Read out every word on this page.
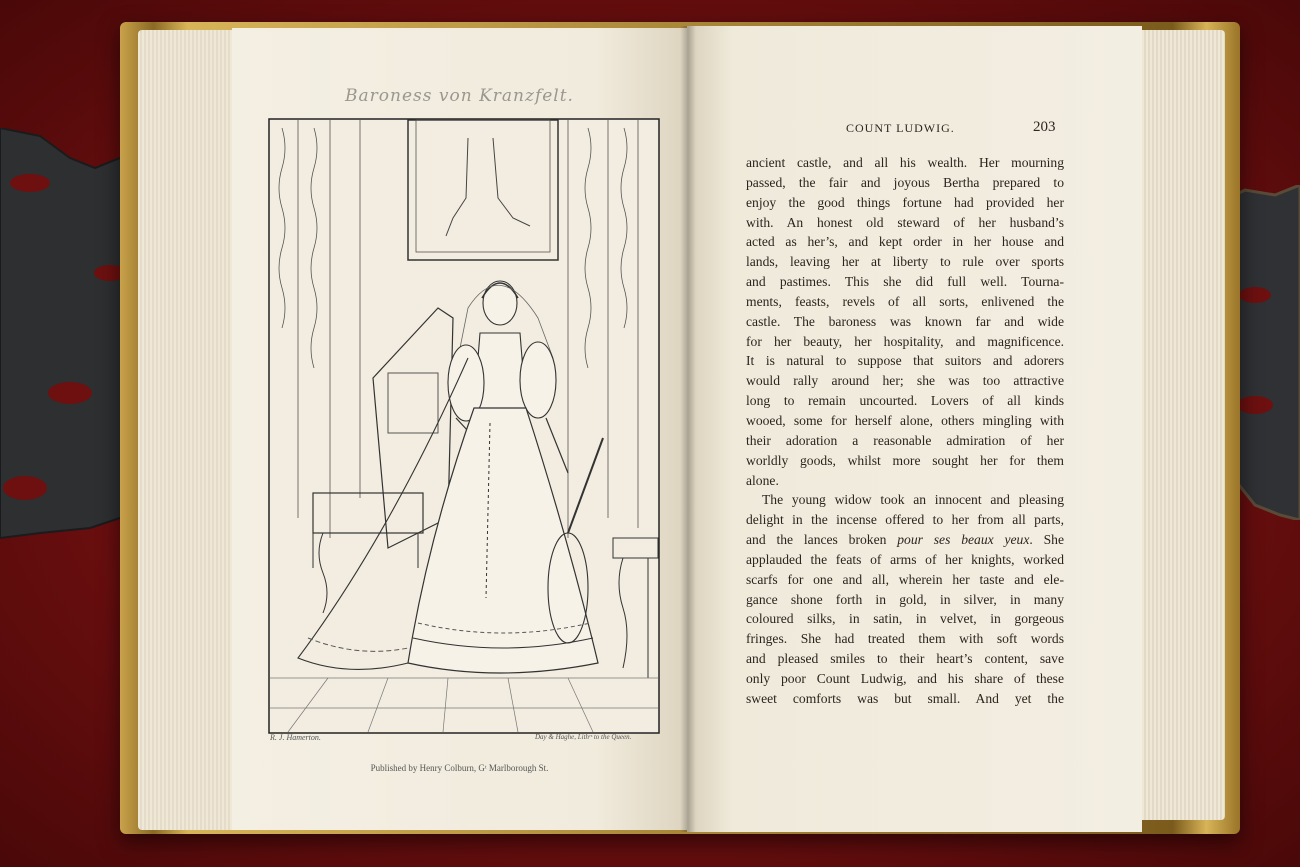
Baroness von Kranzfelt.
R. J. Hamerton.	Day & Haghe, Lithʳˢ to the Queen.
Published by Henry Colburn, Gᵗ Marlborough St.
COUNT LUDWIG.	203
ancient castle, and all his wealth. Her mourning
passed, the fair and joyous Bertha prepared to
enjoy the good things fortune had provided her
with. An honest old steward of her husband’s
acted as her’s, and kept order in her house and
lands, leaving her at liberty to rule over sports
and pastimes. This she did full well. Tourna-
ments, feasts, revels of all sorts, enlivened the
castle. The baroness was known far and wide
for her beauty, her hospitality, and magnificence.
It is natural to suppose that suitors and adorers
would rally around her; she was too attractive
long to remain uncourted. Lovers of all kinds
wooed, some for herself alone, others mingling with
their adoration a reasonable admiration of her
worldly goods, whilst more sought her for them
alone.
The young widow took an innocent and pleasing
delight in the incense offered to her from all parts,
and the lances broken pour ses beaux yeux. She
applauded the feats of arms of her knights, worked
scarfs for one and all, wherein her taste and ele-
gance shone forth in gold, in silver, in many
coloured silks, in satin, in velvet, in gorgeous
fringes. She had treated them with soft words
and pleased smiles to their heart’s content, save
only poor Count Ludwig, and his share of these
sweet comforts was but small. And yet the
